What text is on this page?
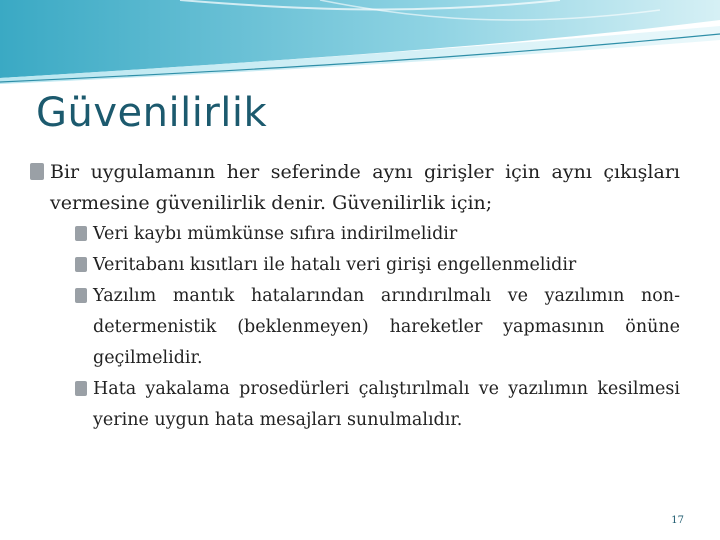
Güvenilirlik
Bir uygulamanın her seferinde aynı girişler için aynı çıkışları vermesine güvenilirlik denir. Güvenilirlik için;
Veri kaybı mümkünse sıfıra indirilmelidir
Veritabanı kısıtları ile hatalı veri girişi engellenmelidir
Yazılım mantık hatalarından arındırılmalı ve yazılımın non-determenistik (beklenmeyen) hareketler yapmasının önüne geçilmelidir.
Hata yakalama prosedürleri çalıştırılmalı ve yazılımın kesilmesi yerine uygun hata mesajları sunulmalıdır.
17
